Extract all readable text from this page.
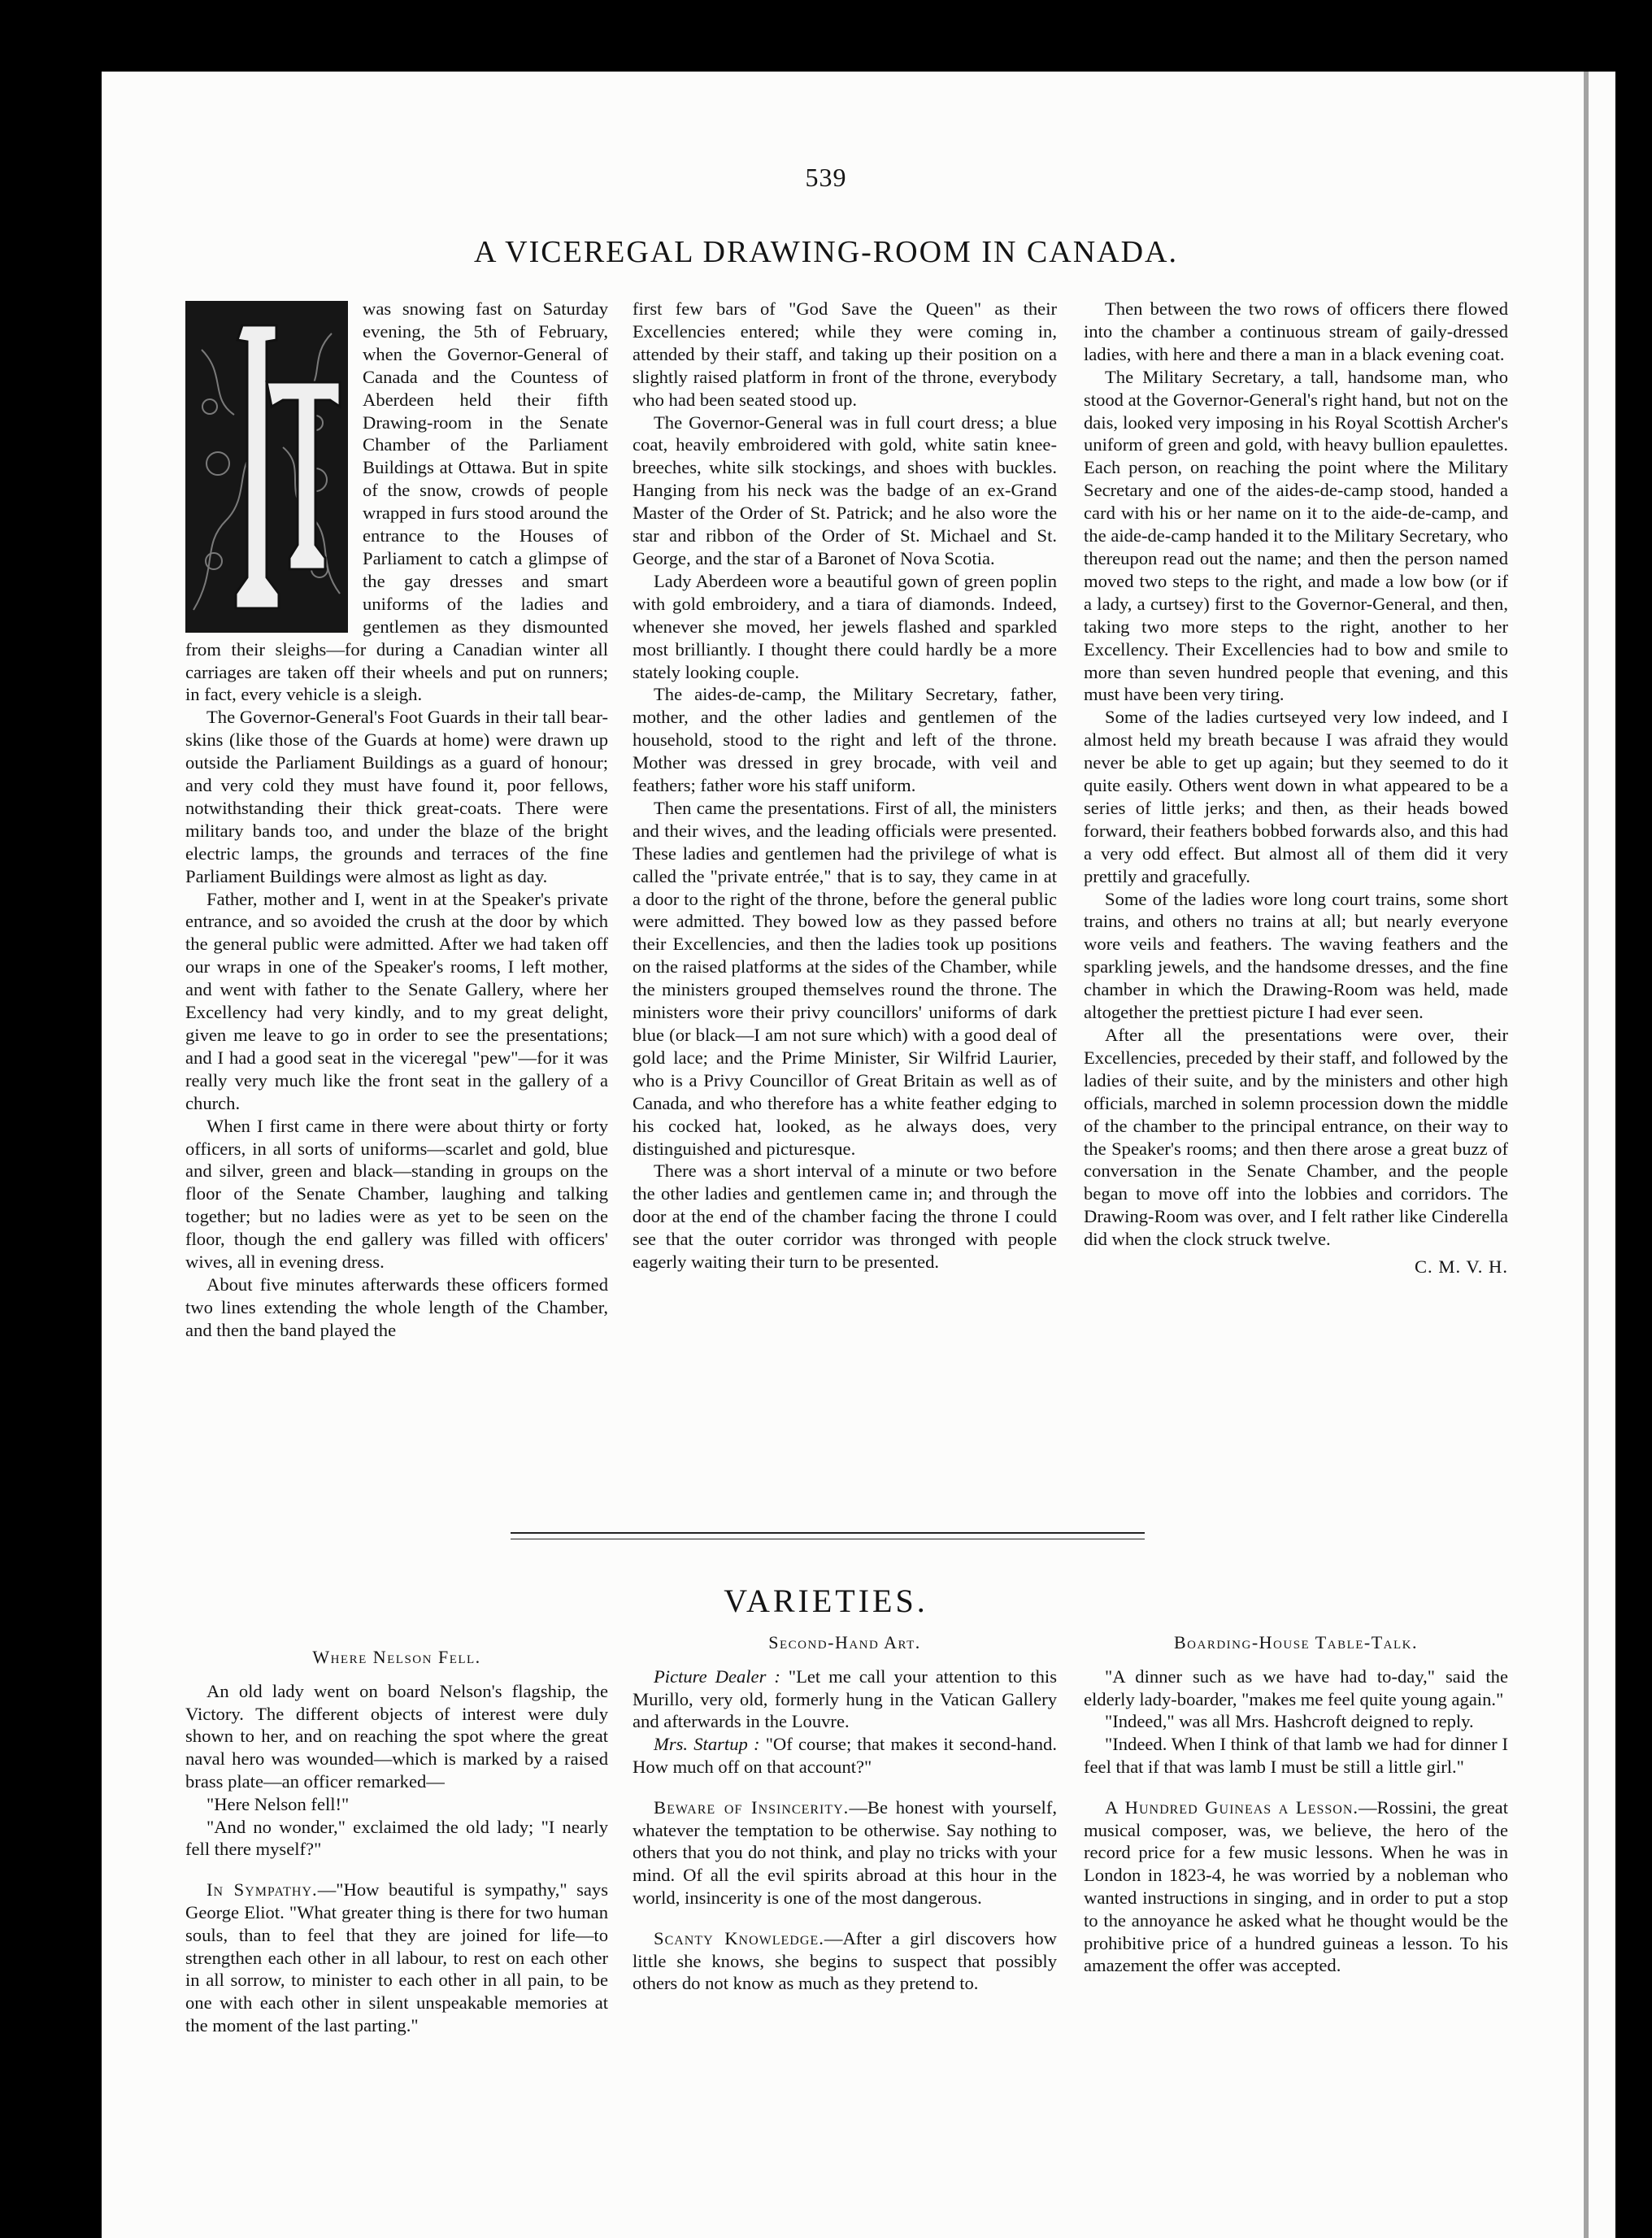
539
A VICEREGAL DRAWING-ROOM IN CANADA.

was snowing fast on Saturday evening, the 5th of February, when the Governor-General of Canada and the Countess of Aberdeen held their fifth Drawing-room in the Senate Chamber of the Parliament Buildings at Ottawa. But in spite of the snow, crowds of people wrapped in furs stood around the entrance to the Houses of Parliament to catch a glimpse of the gay dresses and smart uniforms of the ladies and gentlemen as they dismounted from their sleighs—for during a Canadian winter all carriages are taken off their wheels and put on runners; in fact, every vehicle is a sleigh.

The Governor-General's Foot Guards in their tall bear-skins (like those of the Guards at home) were drawn up outside the Parliament Buildings as a guard of honour; and very cold they must have found it, poor fellows, notwithstanding their thick great-coats. There were military bands too, and under the blaze of the bright electric lamps, the grounds and terraces of the fine Parliament Buildings were almost as light as day.

Father, mother and I, went in at the Speaker's private entrance, and so avoided the crush at the door by which the general public were admitted. After we had taken off our wraps in one of the Speaker's rooms, I left mother, and went with father to the Senate Gallery, where her Excellency had very kindly, and to my great delight, given me leave to go in order to see the presentations; and I had a good seat in the viceregal "pew"—for it was really very much like the front seat in the gallery of a church.

When I first came in there were about thirty or forty officers, in all sorts of uniforms—scarlet and gold, blue and silver, green and black—standing in groups on the floor of the Senate Chamber, laughing and talking together; but no ladies were as yet to be seen on the floor, though the end gallery was filled with officers' wives, all in evening dress.

About five minutes afterwards these officers formed two lines extending the whole length of the Chamber, and then the band played the

first few bars of "God Save the Queen" as their Excellencies entered; while they were coming in, attended by their staff, and taking up their position on a slightly raised platform in front of the throne, everybody who had been seated stood up.

The Governor-General was in full court dress; a blue coat, heavily embroidered with gold, white satin knee-breeches, white silk stockings, and shoes with buckles. Hanging from his neck was the badge of an ex-Grand Master of the Order of St. Patrick; and he also wore the star and ribbon of the Order of St. Michael and St. George, and the star of a Baronet of Nova Scotia.

Lady Aberdeen wore a beautiful gown of green poplin with gold embroidery, and a tiara of diamonds. Indeed, whenever she moved, her jewels flashed and sparkled most brilliantly. I thought there could hardly be a more stately looking couple.

The aides-de-camp, the Military Secretary, father, mother, and the other ladies and gentlemen of the household, stood to the right and left of the throne. Mother was dressed in grey brocade, with veil and feathers; father wore his staff uniform.

Then came the presentations. First of all, the ministers and their wives, and the leading officials were presented. These ladies and gentlemen had the privilege of what is called the "private entrée," that is to say, they came in at a door to the right of the throne, before the general public were admitted. They bowed low as they passed before their Excellencies, and then the ladies took up positions on the raised platforms at the sides of the Chamber, while the ministers grouped themselves round the throne. The ministers wore their privy councillors' uniforms of dark blue (or black—I am not sure which) with a good deal of gold lace; and the Prime Minister, Sir Wilfrid Laurier, who is a Privy Councillor of Great Britain as well as of Canada, and who therefore has a white feather edging to his cocked hat, looked, as he always does, very distinguished and picturesque.

There was a short interval of a minute or two before the other ladies and gentlemen came in; and through the door at the end of the chamber facing the throne I could see that the outer corridor was thronged with people eagerly waiting their turn to be presented.

Then between the two rows of officers there flowed into the chamber a continuous stream of gaily-dressed ladies, with here and there a man in a black evening coat.

The Military Secretary, a tall, handsome man, who stood at the Governor-General's right hand, but not on the dais, looked very imposing in his Royal Scottish Archer's uniform of green and gold, with heavy bullion epaulettes. Each person, on reaching the point where the Military Secretary and one of the aides-de-camp stood, handed a card with his or her name on it to the aide-de-camp, and the aide-de-camp handed it to the Military Secretary, who thereupon read out the name; and then the person named moved two steps to the right, and made a low bow (or if a lady, a curtsey) first to the Governor-General, and then, taking two more steps to the right, another to her Excellency. Their Excellencies had to bow and smile to more than seven hundred people that evening, and this must have been very tiring.

Some of the ladies curtseyed very low indeed, and I almost held my breath because I was afraid they would never be able to get up again; but they seemed to do it quite easily. Others went down in what appeared to be a series of little jerks; and then, as their heads bowed forward, their feathers bobbed forwards also, and this had a very odd effect. But almost all of them did it very prettily and gracefully.

Some of the ladies wore long court trains, some short trains, and others no trains at all; but nearly everyone wore veils and feathers. The waving feathers and the sparkling jewels, and the handsome dresses, and the fine chamber in which the Drawing-Room was held, made altogether the prettiest picture I had ever seen.

After all the presentations were over, their Excellencies, preceded by their staff, and followed by the ladies of their suite, and by the ministers and other high officials, marched in solemn procession down the middle of the chamber to the principal entrance, on their way to the Speaker's rooms; and then there arose a great buzz of conversation in the Senate Chamber, and the people began to move off into the lobbies and corridors. The Drawing-Room was over, and I felt rather like Cinderella did when the clock struck twelve.

C. M. V. H.
VARIETIES.
Where Nelson Fell.

An old lady went on board Nelson's flagship, the Victory. The different objects of interest were duly shown to her, and on reaching the spot where the great naval hero was wounded—which is marked by a raised brass plate—an officer remarked—

"Here Nelson fell!"

"And no wonder," exclaimed the old lady; "I nearly fell there myself?"

In Sympathy.—"How beautiful is sympathy," says George Eliot. "What greater thing is there for two human souls, than to feel that they are joined for life—to strengthen each other in all labour, to rest on each other in all sorrow, to minister to each other in all pain, to be one with each other in silent unspeakable memories at the moment of the last parting."

Second-Hand Art.

Picture Dealer : "Let me call your attention to this Murillo, very old, formerly hung in the Vatican Gallery and afterwards in the Louvre.

Mrs. Startup : "Of course; that makes it second-hand. How much off on that account?"

Beware of Insincerity.—Be honest with yourself, whatever the temptation to be otherwise. Say nothing to others that you do not think, and play no tricks with your mind. Of all the evil spirits abroad at this hour in the world, insincerity is one of the most dangerous.

Scanty Knowledge.—After a girl discovers how little she knows, she begins to suspect that possibly others do not know as much as they pretend to.

Boarding-House Table-Talk.

"A dinner such as we have had to-day," said the elderly lady-boarder, "makes me feel quite young again."

"Indeed," was all Mrs. Hashcroft deigned to reply.

"Indeed. When I think of that lamb we had for dinner I feel that if that was lamb I must be still a little girl."

A Hundred Guineas a Lesson.—Rossini, the great musical composer, was, we believe, the hero of the record price for a few music lessons. When he was in London in 1823-4, he was worried by a nobleman who wanted instructions in singing, and in order to put a stop to the annoyance he asked what he thought would be the prohibitive price of a hundred guineas a lesson. To his amazement the offer was accepted.
